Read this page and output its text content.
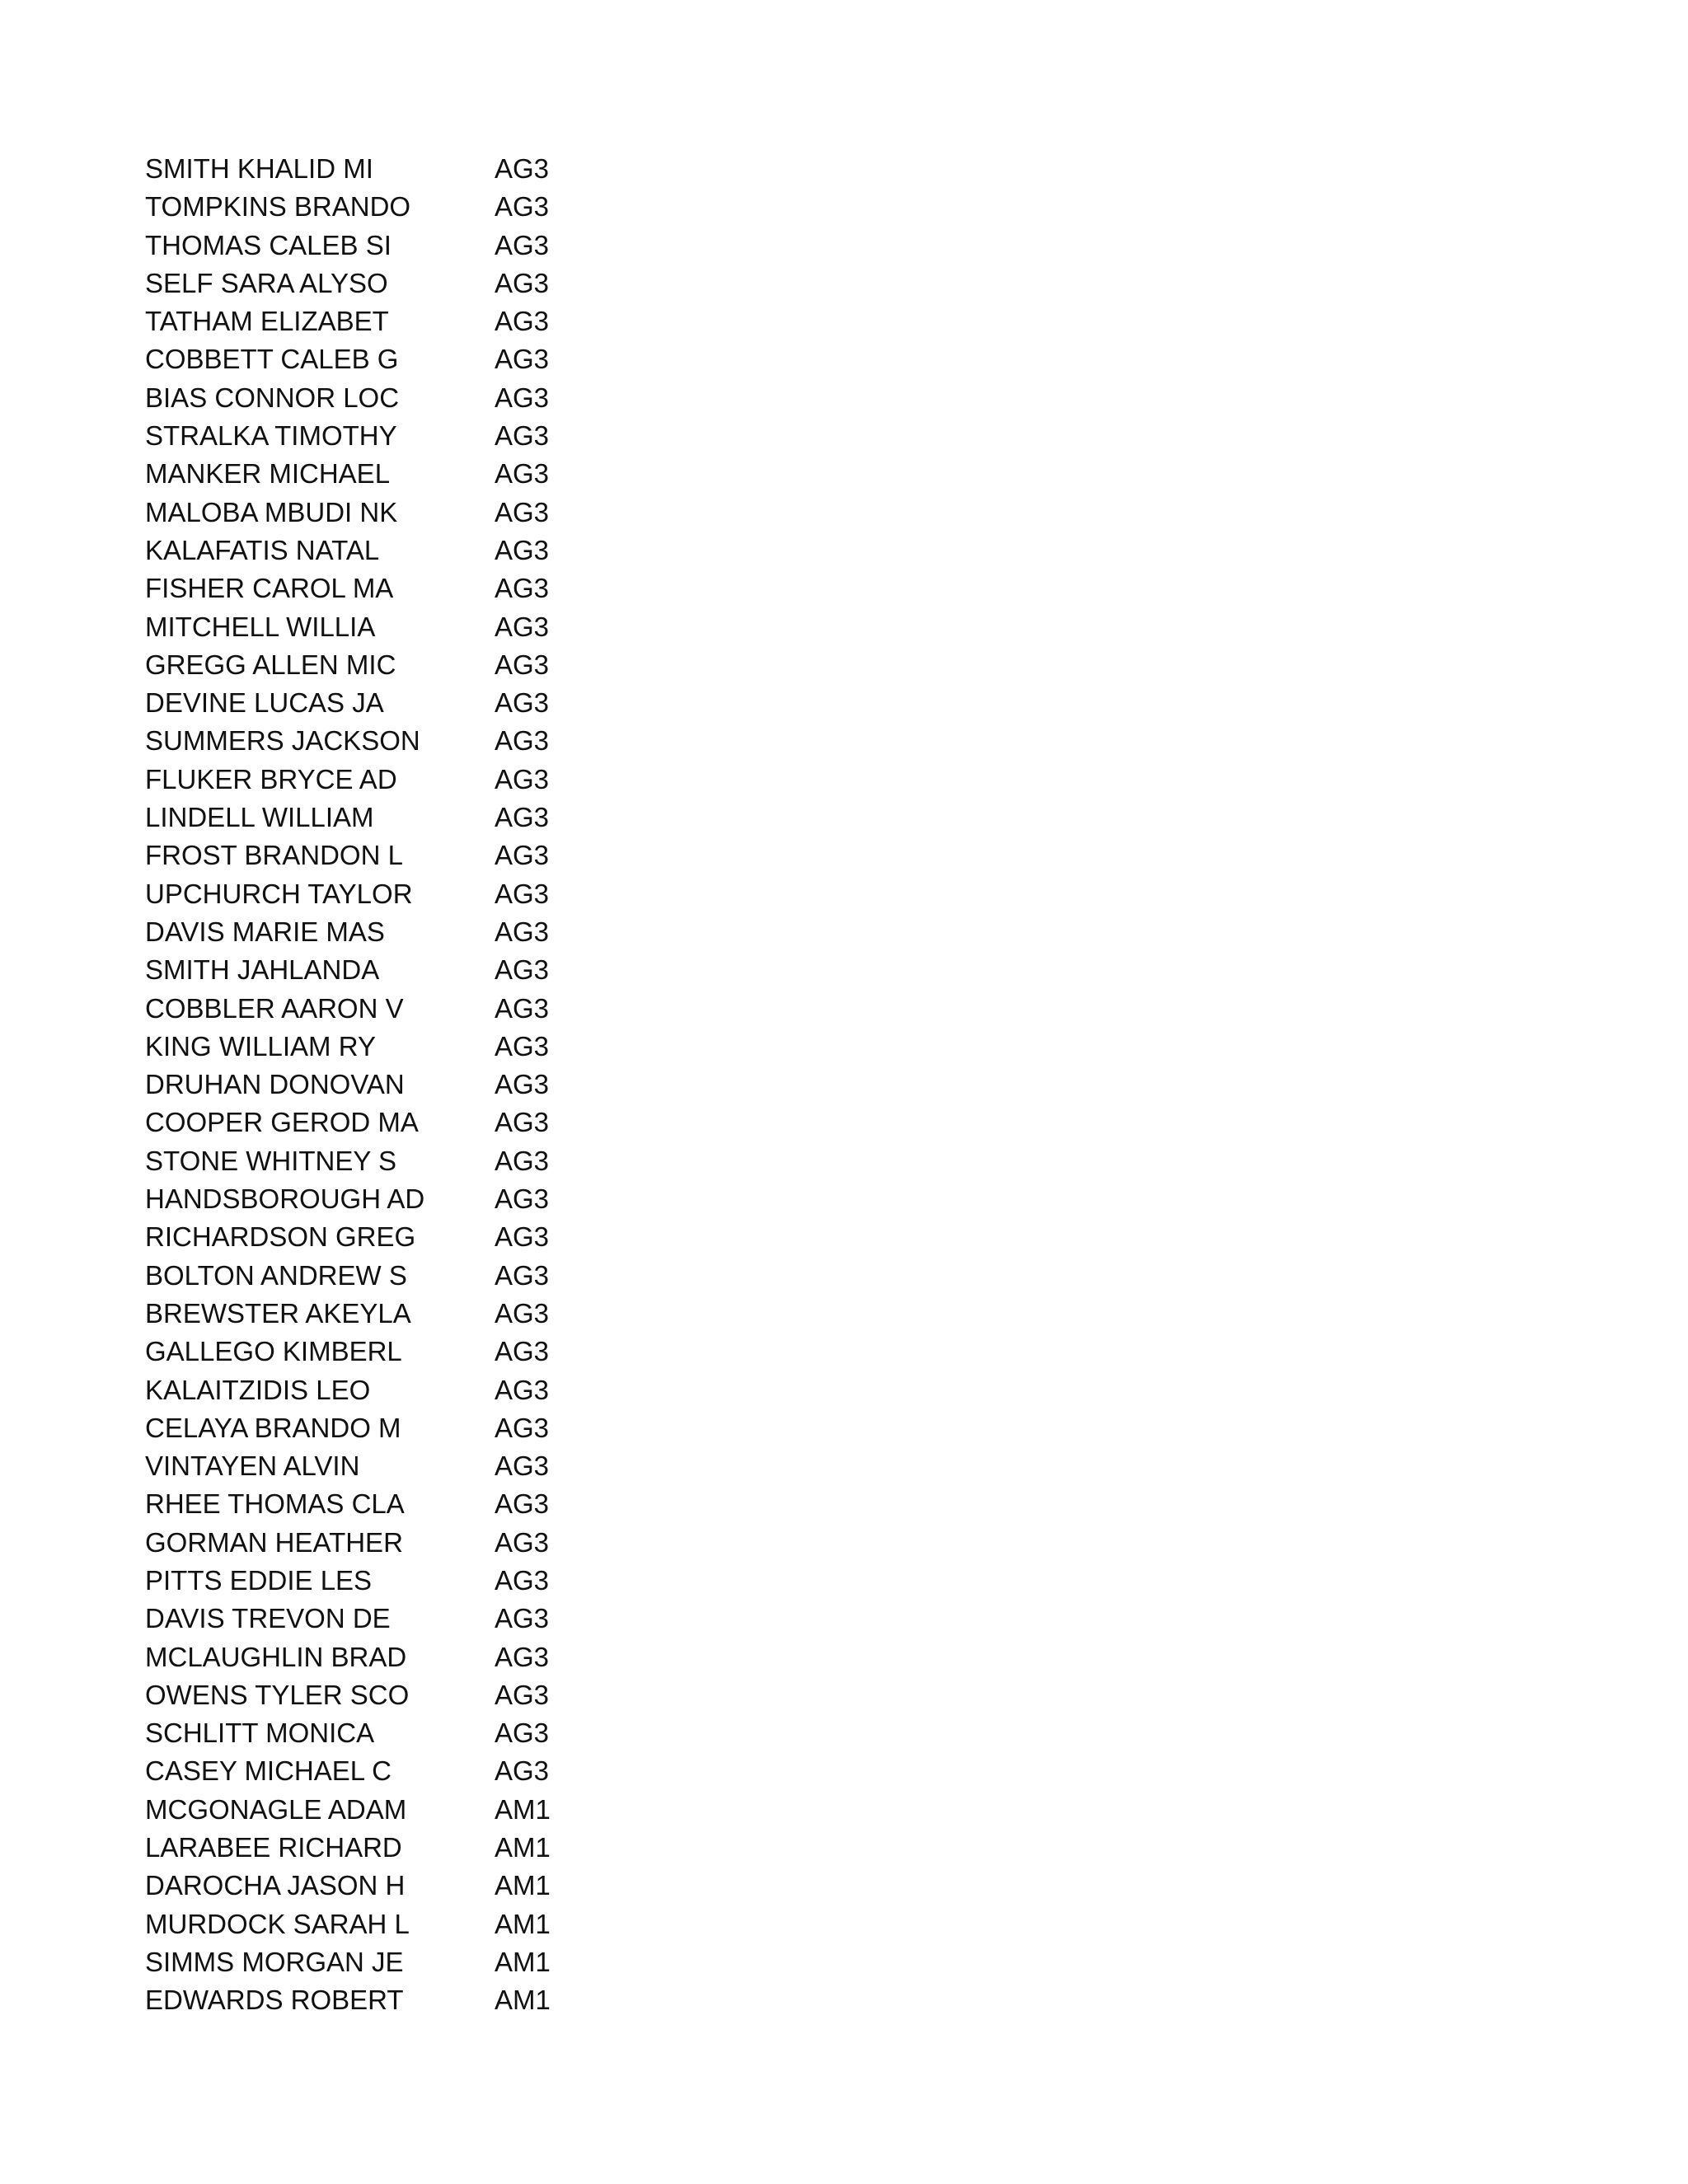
SMITH KHALID MI	AG3
TOMPKINS BRANDO	AG3
THOMAS CALEB SI	AG3
SELF SARA ALYSO	AG3
TATHAM ELIZABET	AG3
COBBETT CALEB G	AG3
BIAS CONNOR LOC	AG3
STRALKA TIMOTHY	AG3
MANKER MICHAEL	AG3
MALOBA MBUDI NK	AG3
KALAFATIS NATAL	AG3
FISHER CAROL MA	AG3
MITCHELL WILLIA	AG3
GREGG ALLEN MIC	AG3
DEVINE LUCAS JA	AG3
SUMMERS JACKSON	AG3
FLUKER BRYCE AD	AG3
LINDELL WILLIAM	AG3
FROST BRANDON L	AG3
UPCHURCH TAYLOR	AG3
DAVIS MARIE MAS	AG3
SMITH JAHLANDA	AG3
COBBLER AARON V	AG3
KING WILLIAM RY	AG3
DRUHAN DONOVAN	AG3
COOPER GEROD MA	AG3
STONE WHITNEY S	AG3
HANDSBOROUGH AD	AG3
RICHARDSON GREG	AG3
BOLTON ANDREW S	AG3
BREWSTER AKEYLA	AG3
GALLEGO KIMBERL	AG3
KALAITZIDIS LEO	AG3
CELAYA BRANDO M	AG3
VINTAYEN ALVIN	AG3
RHEE THOMAS CLA	AG3
GORMAN HEATHER	AG3
PITTS EDDIE LES	AG3
DAVIS TREVON DE	AG3
MCLAUGHLIN BRAD	AG3
OWENS TYLER SCO	AG3
SCHLITT MONICA	AG3
CASEY MICHAEL C	AG3
MCGONAGLE ADAM	AM1
LARABEE RICHARD	AM1
DAROCHA JASON H	AM1
MURDOCK SARAH L	AM1
SIMMS MORGAN JE	AM1
EDWARDS ROBERT	AM1
